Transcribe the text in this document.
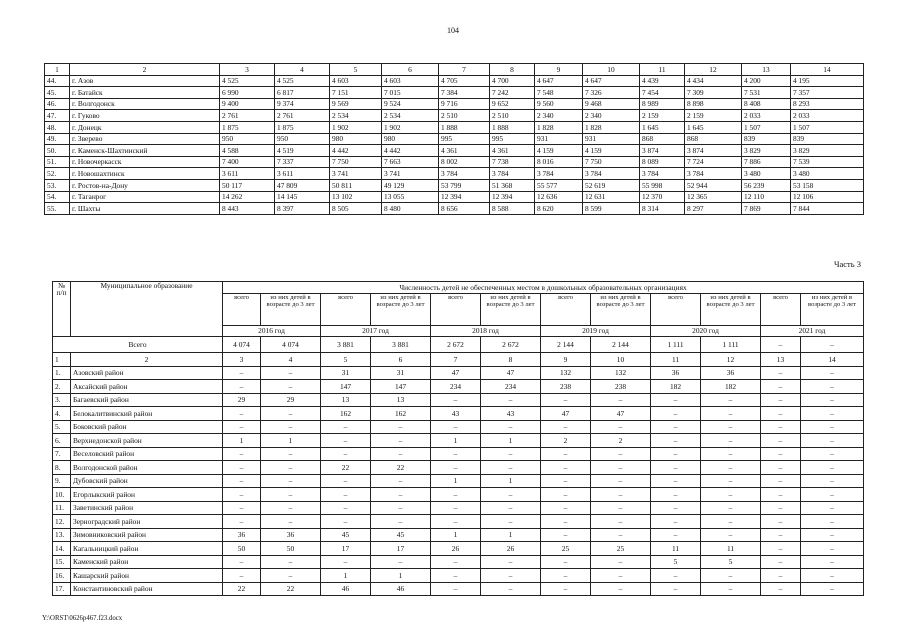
104
1	2	3	4	5	6	7	8	9	10	11	12	13	14
44.	г. Азов	4 525	4 525	4 603	4 603	4 705	4 700	4 647	4 647	4 439	4 434	4 200	4 195
45.	г. Батайск	6 990	6 817	7 151	7 015	7 384	7 242	7 548	7 326	7 454	7 309	7 531	7 357
46.	г. Волгодонск	9 400	9 374	9 569	9 524	9 716	9 652	9 560	9 468	8 989	8 898	8 408	8 293
47.	г. Гуково	2 761	2 761	2 534	2 534	2 510	2 510	2 340	2 340	2 159	2 159	2 033	2 033
48.	г. Донецк	1 875	1 875	1 902	1 902	1 888	1 888	1 828	1 828	1 645	1 645	1 507	1 507
49.	г. Зверево	950	950	980	980	995	995	931	931	868	868	839	839
50.	г. Каменск-Шахтинский	4 588	4 519	4 442	4 442	4 361	4 361	4 159	4 159	3 874	3 874	3 829	3 829
51.	г. Новочеркасск	7 400	7 337	7 750	7 663	8 002	7 738	8 016	7 750	8 089	7 724	7 886	7 539
52.	г. Новошахтинск	3 611	3 611	3 741	3 741	3 784	3 784	3 784	3 784	3 784	3 784	3 480	3 480
53.	г. Ростов-на-Дону	50 117	47 809	50 811	49 129	53 799	51 368	55 577	52 619	55 998	52 944	56 239	53 158
54.	г. Таганрог	14 262	14 145	13 102	13 055	12 394	12 394	12 636	12 631	12 370	12 365	12 110	12 106
55.	г. Шахты	8 443	8 397	8 505	8 480	8 656	8 588	8 620	8 599	8 314	8 297	7 869	7 844
Часть 3
№ п/п	Муниципальное образование	Численность детей не обеспеченных местом в дошкольных образовательных организациях											
		всего	из них детей в возрасте до 3 лет	всего	из них детей в возрасте до 3 лет	всего	из них детей в возрасте до 3 лет	всего	из них детей в возрасте до 3 лет	всего	из них детей в возрасте до 3 лет	всего	из них детей в возрасте до 3 лет
		2016 год		2017 год		2018 год		2019 год		2020 год		2021 год	
Всего		4 074	4 074	3 881	3 881	2 672	2 672	2 144	2 144	1 111	1 111	–	–
1	2	3	4	5	6	7	8	9	10	11	12	13	14
1.	Азовский район	–	–	31	31	47	47	132	132	36	36	–	–
2.	Аксайский район	–	–	147	147	234	234	238	238	182	182	–	–
3.	Багаевский район	29	29	13	13	–	–	–	–	–	–	–	–
4.	Белокалитвинский район	–	–	162	162	43	43	47	47	–	–	–	–
5.	Боковский район	–	–	–	–	–	–	–	–	–	–	–	–
6.	Верхнедонской район	1	1	–	–	1	1	2	2	–	–	–	–
7.	Веселовский район	–	–	–	–	–	–	–	–	–	–	–	–
8.	Волгодонской район	–	–	22	22	–	–	–	–	–	–	–	–
9.	Дубовский район	–	–	–	–	1	1	–	–	–	–	–	–
10.	Егорлыкский район	–	–	–	–	–	–	–	–	–	–	–	–
11.	Заветинский район	–	–	–	–	–	–	–	–	–	–	–	–
12.	Зерноградский район	–	–	–	–	–	–	–	–	–	–	–	–
13.	Зимовниковский район	36	36	45	45	1	1	–	–	–	–	–	–
14.	Кагальницкий район	50	50	17	17	26	26	25	25	11	11	–	–
15.	Каменский район	–	–	–	–	–	–	–	–	5	5	–	–
16.	Кашарский район	–	–	1	1	–	–	–	–	–	–	–	–
17.	Константиновский район	22	22	46	46	–	–	–	–	–	–	–	–
Y:\ORST\0626p467.f23.docx
